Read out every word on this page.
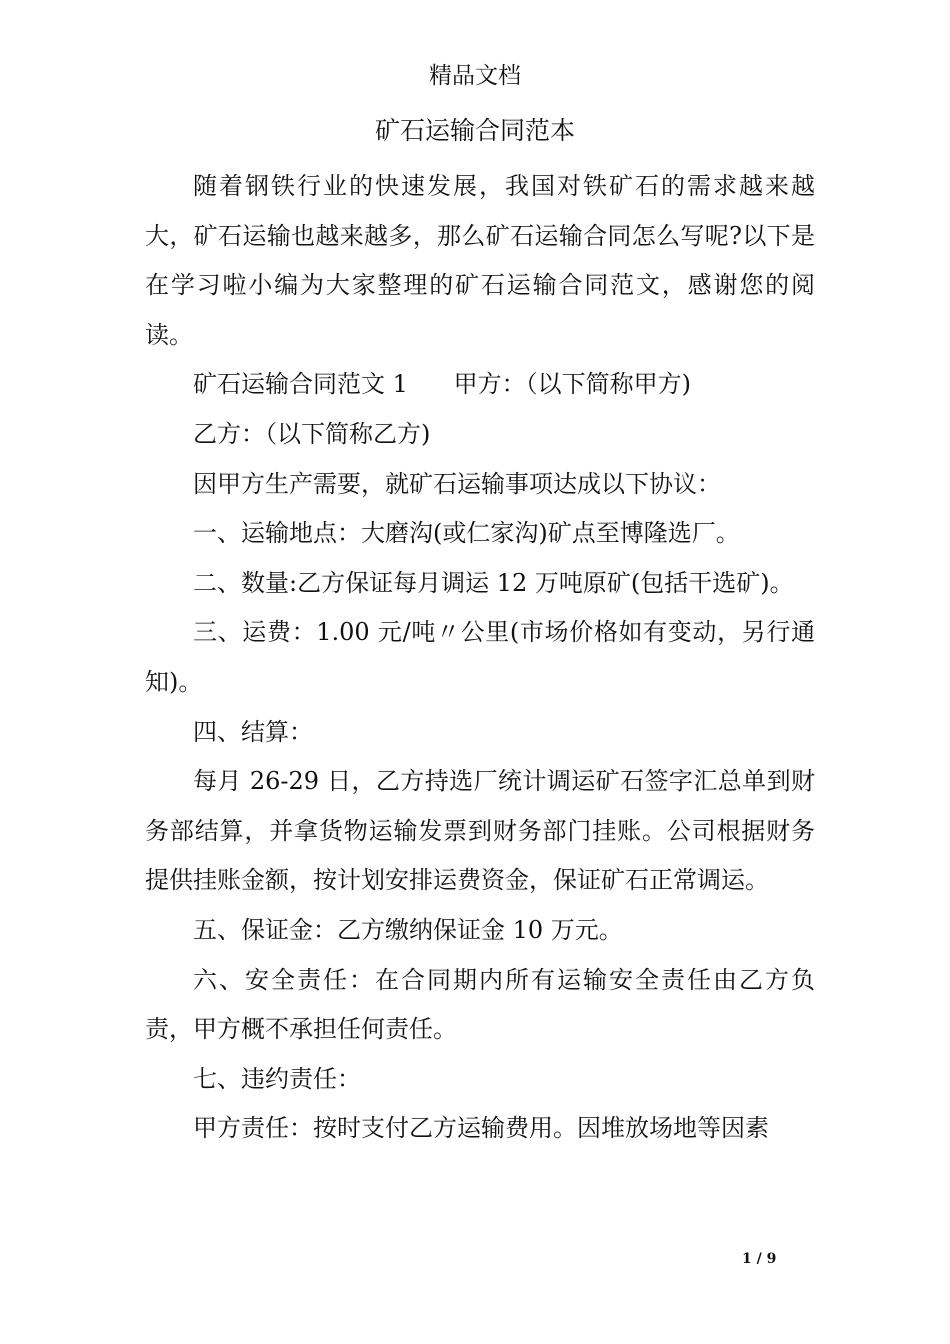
精品文档
矿石运输合同范本

随着钢铁行业的快速发展，我国对铁矿石的需求越来越大，矿石运输也越来越多，那么矿石运输合同怎么写呢?以下是在学习啦小编为大家整理的矿石运输合同范文，感谢您的阅读。

矿石运输合同范文 1      甲方：（以下简称甲方)

乙方：（以下简称乙方)

因甲方生产需要，就矿石运输事项达成以下协议：

一、运输地点：大磨沟(或仁家沟)矿点至博隆选厂。

二、数量:乙方保证每月调运 12 万吨原矿(包括干选矿)。

三、运费：1.00 元/吨〃公里(市场价格如有变动，另行通知)。

四、结算：

每月 26-29 日，乙方持选厂统计调运矿石签字汇总单到财务部结算，并拿货物运输发票到财务部门挂账。公司根据财务提供挂账金额，按计划安排运费资金，保证矿石正常调运。

五、保证金：乙方缴纳保证金 10 万元。

六、安全责任：在合同期内所有运输安全责任由乙方负责，甲方概不承担任何责任。

七、违约责任：

甲方责任：按时支付乙方运输费用。因堆放场地等因素

1 / 9
